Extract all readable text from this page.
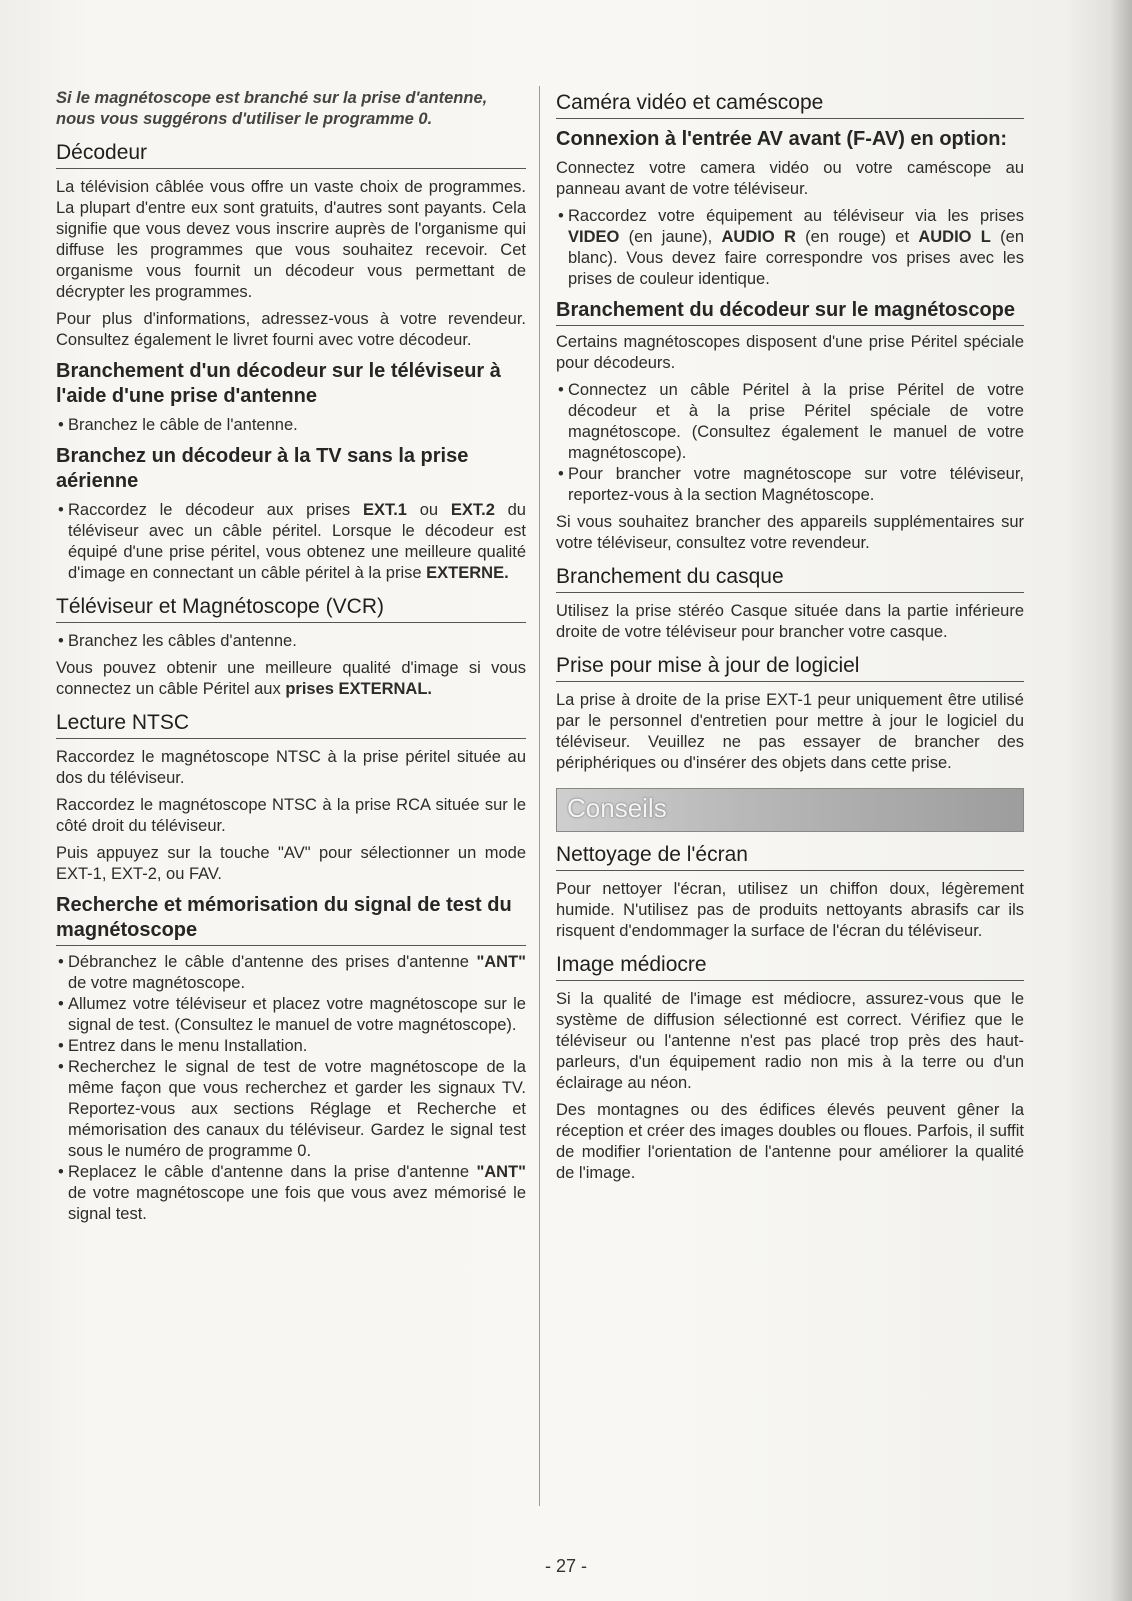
Si le magnétoscope est branché sur la prise d'antenne, nous vous suggérons d'utiliser le programme 0.
Décodeur

La télévision câblée vous offre un vaste choix de programmes. La plupart d'entre eux sont gratuits, d'autres sont payants. Cela signifie que vous devez vous inscrire auprès de l'organisme qui diffuse les programmes que vous souhaitez recevoir. Cet organisme vous fournit un décodeur vous permettant de décrypter les programmes.

Pour plus d'informations, adressez-vous à votre revendeur. Consultez également le livret fourni avec votre décodeur.

Branchement d'un décodeur sur le téléviseur à l'aide d'une prise d'antenne
• Branchez le câble de l'antenne.
Branchez un décodeur à la TV sans la prise aérienne
• Raccordez le décodeur aux prises EXT.1 ou EXT.2 du téléviseur avec un câble péritel. Lorsque le décodeur est équipé d'une prise péritel, vous obtenez une meilleure qualité d'image en connectant un câble péritel à la prise EXTERNE.
Téléviseur et Magnétoscope (VCR)
• Branchez les câbles d'antenne.

Vous pouvez obtenir une meilleure qualité d'image si vous connectez un câble Péritel aux prises EXTERNAL.

Lecture NTSC

Raccordez le magnétoscope NTSC à la prise péritel située au dos du téléviseur.

Raccordez le magnétoscope NTSC à la prise RCA située sur le côté droit du téléviseur.

Puis appuyez sur la touche "AV" pour sélectionner un mode EXT-1, EXT-2, ou FAV.

Recherche et mémorisation du signal de test du magnétoscope
• Débranchez le câble d'antenne des prises d'antenne "ANT" de votre magnétoscope.
• Allumez votre téléviseur et placez votre magnétoscope sur le signal de test. (Consultez le manuel de votre magnétoscope).
• Entrez dans le menu Installation.
• Recherchez le signal de test de votre magnétoscope de la même façon que vous recherchez et garder les signaux TV. Reportez-vous aux sections Réglage et Recherche et mémorisation des canaux du téléviseur. Gardez le signal test sous le numéro de programme 0.
• Replacez le câble d'antenne dans la prise d'antenne "ANT" de votre magnétoscope une fois que vous avez mémorisé le signal test.
Caméra vidéo et caméscope
Connexion à l'entrée AV avant (F-AV) en option:

Connectez votre camera vidéo ou votre caméscope au panneau avant de votre téléviseur.

• Raccordez votre équipement au téléviseur via les prises VIDEO (en jaune), AUDIO R (en rouge) et AUDIO L (en blanc). Vous devez faire correspondre vos prises avec les prises de couleur identique.
Branchement du décodeur sur le magnétoscope

Certains magnétoscopes disposent d'une prise Péritel spéciale pour décodeurs.

• Connectez un câble Péritel à la prise Péritel de votre décodeur et à la prise Péritel spéciale de votre magnétoscope. (Consultez également le manuel de votre magnétoscope).
• Pour brancher votre magnétoscope sur votre téléviseur, reportez-vous à la section Magnétoscope.

Si vous souhaitez brancher des appareils supplémentaires sur votre téléviseur, consultez votre revendeur.

Branchement du casque

Utilisez la prise stéréo Casque située dans la partie inférieure droite de votre téléviseur pour brancher votre casque.

Prise pour mise à jour de logiciel

La prise à droite de la prise EXT-1 peur uniquement être utilisé par le personnel d'entretien pour mettre à jour le logiciel du téléviseur. Veuillez ne pas essayer de brancher des périphériques ou d'insérer des objets dans cette prise.

Conseils
Nettoyage de l'écran

Pour nettoyer l'écran, utilisez un chiffon doux, légèrement humide. N'utilisez pas de produits nettoyants abrasifs car ils risquent d'endommager la surface de l'écran du téléviseur.

Image médiocre

Si la qualité de l'image est médiocre, assurez-vous que le système de diffusion sélectionné est correct. Vérifiez que le téléviseur ou l'antenne n'est pas placé trop près des haut-parleurs, d'un équipement radio non mis à la terre ou d'un éclairage au néon.

Des montagnes ou des édifices élevés peuvent gêner la réception et créer des images doubles ou floues. Parfois, il suffit de modifier l'orientation de l'antenne pour améliorer la qualité de l'image.

- 27 -
